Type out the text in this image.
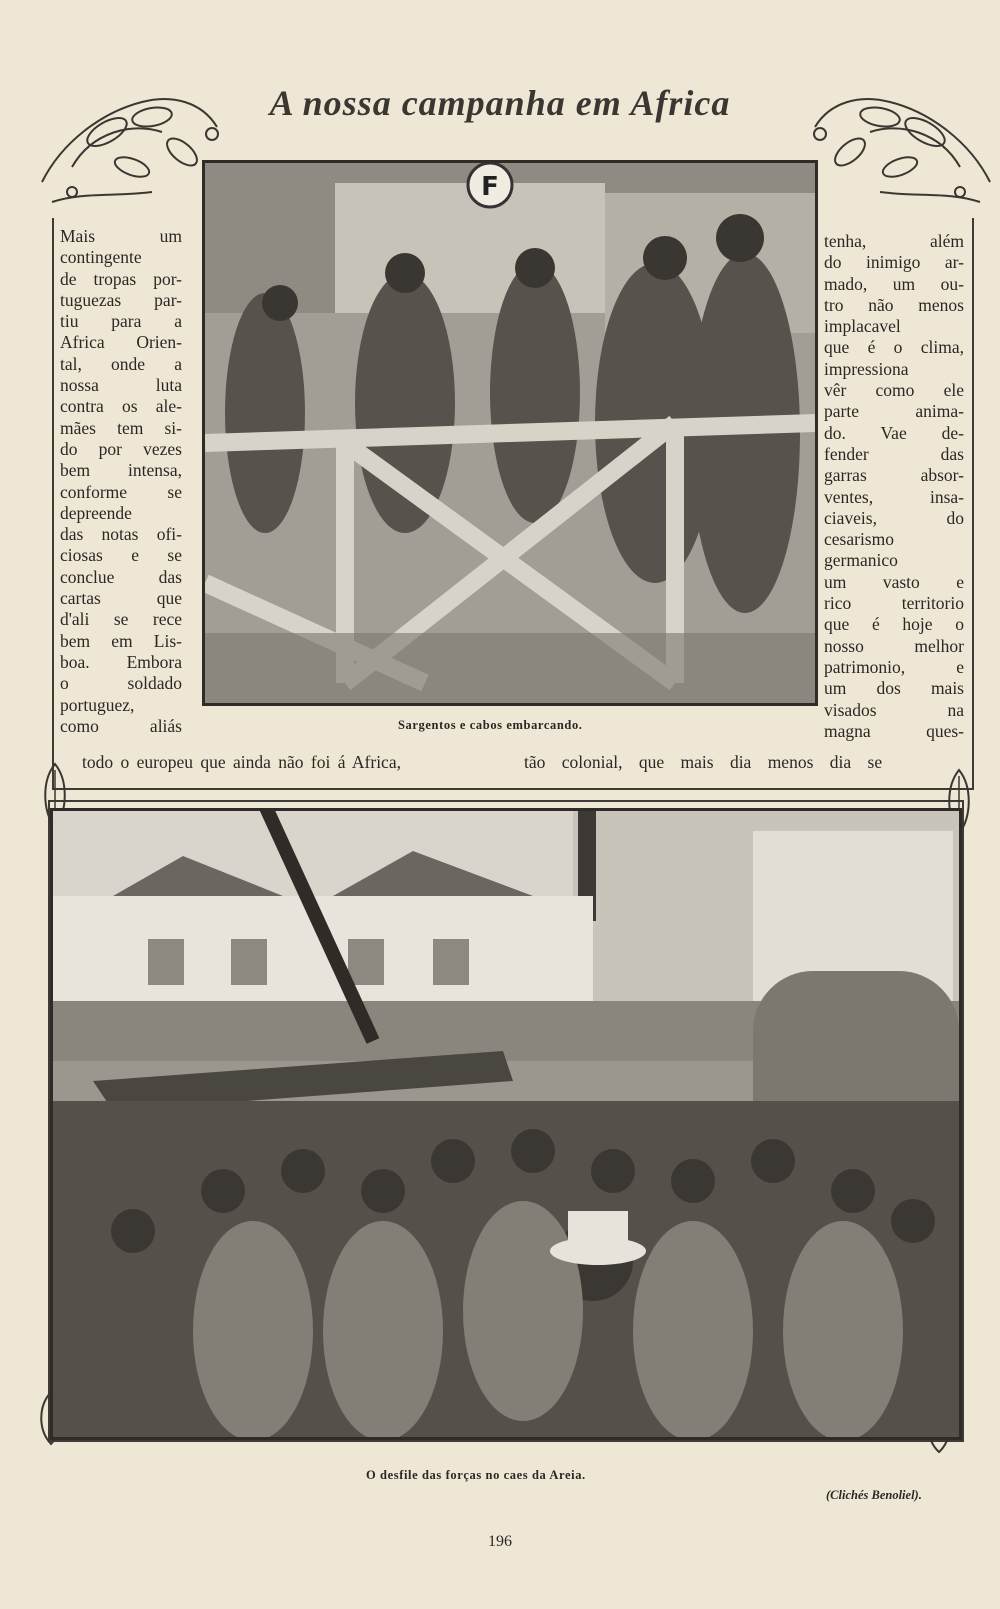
A nossa campanha em Africa
F
Mais um
contingente
de tropas por-
tuguezas par-
tiu para a
Africa Orien-
tal, onde a
nossa luta
contra os ale-
mães tem si-
do por vezes
bem intensa,
conforme se
depreende
das notas ofi-
ciosas e se
conclue das
cartas que
d'ali se rece
bem em Lis-
boa. Embora
o soldado
portuguez,
como aliás
tenha, além
do inimigo ar-
mado, um ou-
tro não menos
implacavel
que é o clima,
impressiona
vêr como ele
parte anima-
do. Vae de-
fender das
garras absor-
ventes, insa-
ciaveis, do
cesarismo
germanico
um vasto e
rico territorio
que é hoje o
nosso melhor
patrimonio, e
um dos mais
visados na
magna ques-
Sargentos e cabos embarcando.
todo o europeu que ainda não foi á Africa,	tão colonial, que mais dia menos dia se
O desfile das forças no caes da Areia.
(Clichés Benoliel).
196
